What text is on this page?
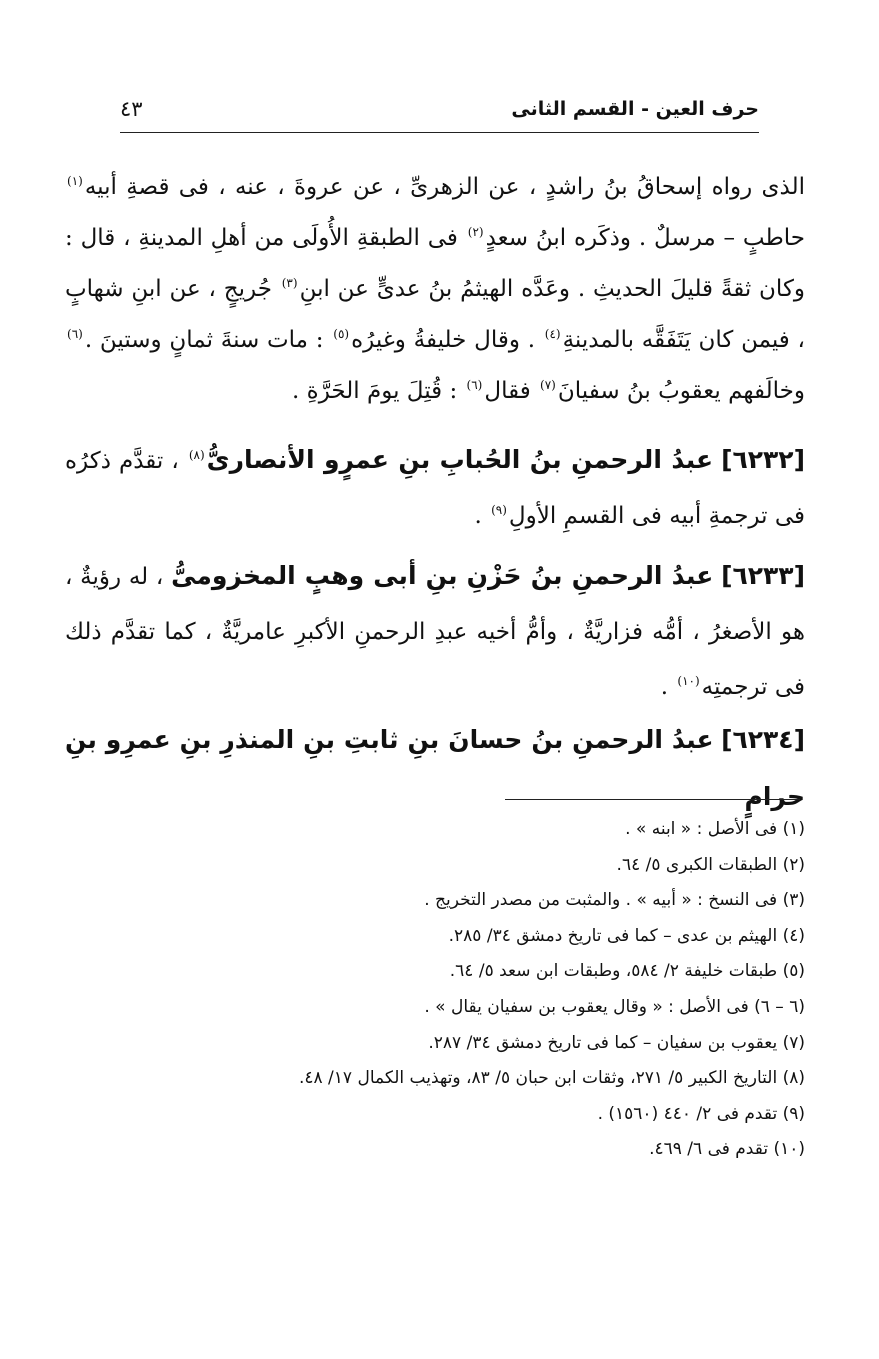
حرف العين - القسم الثانى
٤٣

الذى رواه إسحاقُ بنُ راشدٍ ، عن الزهرىِّ ، عن عروةَ ، عنه ، فى قصةِ أبيه$^{(١)}$ حاطبٍ – مرسلٌ . وذكَره ابنُ سعدٍ$^{(٢)}$ فى الطبقةِ الأُولَى من أهلِ المدينةِ ، قال : وكان ثقةً قليلَ الحديثِ . وعَدَّه الهيثمُ بنُ عدىٍّ عن ابنِ$^{(٣)}$ جُريجٍ ، عن ابنِ شهابٍ ، فيمن كان يَتَفَقَّه بالمدينةِ$^{(٤)}$ . وقال خليفةُ وغيرُه$^{(٥)}$ : مات سنةَ ثمانٍ وستينَ .$^{(٦)}$ وخالَفهم يعقوبُ بنُ سفيانَ$^{(٧)}$ فقال$^{(٦)}$ : قُتِلَ يومَ الحَرَّةِ .

[٦٢٣٢] عبدُ الرحمنِ بنُ الحُبابِ بنِ عمرٍو الأنصارىُّ$^{(٨)}$ ، تقدَّم ذكرُه فى ترجمةِ أبيه فى القسمِ الأولِ$^{(٩)}$ .

[٦٢٣٣] عبدُ الرحمنِ بنُ حَزْنِ بنِ أبى وهبٍ المخزومىُّ ، له رؤيةٌ ، هو الأصغرُ ، أمُّه فزاريَّةٌ ، وأمُّ أخيه عبدِ الرحمنِ الأكبرِ عامريَّةٌ ، كما تقدَّم ذلك فى ترجمتِه$^{(١٠)}$ .

[٦٢٣٤] عبدُ الرحمنِ بنُ حسانَ بنِ ثابتِ بنِ المنذرِ بنِ عمرِو بنِ حرامٍ

(١) فى الأصل : « ابنه » .
(٢) الطبقات الكبرى ٥/ ٦٤.
(٣) فى النسخ : « أبيه » . والمثبت من مصدر التخريج .
(٤) الهيثم بن عدى – كما فى تاريخ دمشق ٣٤/ ٢٨٥.
(٥) طبقات خليفة ٢/ ٥٨٤، وطبقات ابن سعد ٥/ ٦٤.
(٦ – ٦) فى الأصل : « وقال يعقوب بن سفيان يقال » .
(٧) يعقوب بن سفيان – كما فى تاريخ دمشق ٣٤/ ٢٨٧.
(٨) التاريخ الكبير ٥/ ٢٧١، وثقات ابن حبان ٥/ ٨٣، وتهذيب الكمال ١٧/ ٤٨.
(٩) تقدم فى ٢/ ٤٤٠ (١٥٦٠) .
(١٠) تقدم فى ٦/ ٤٦٩.
